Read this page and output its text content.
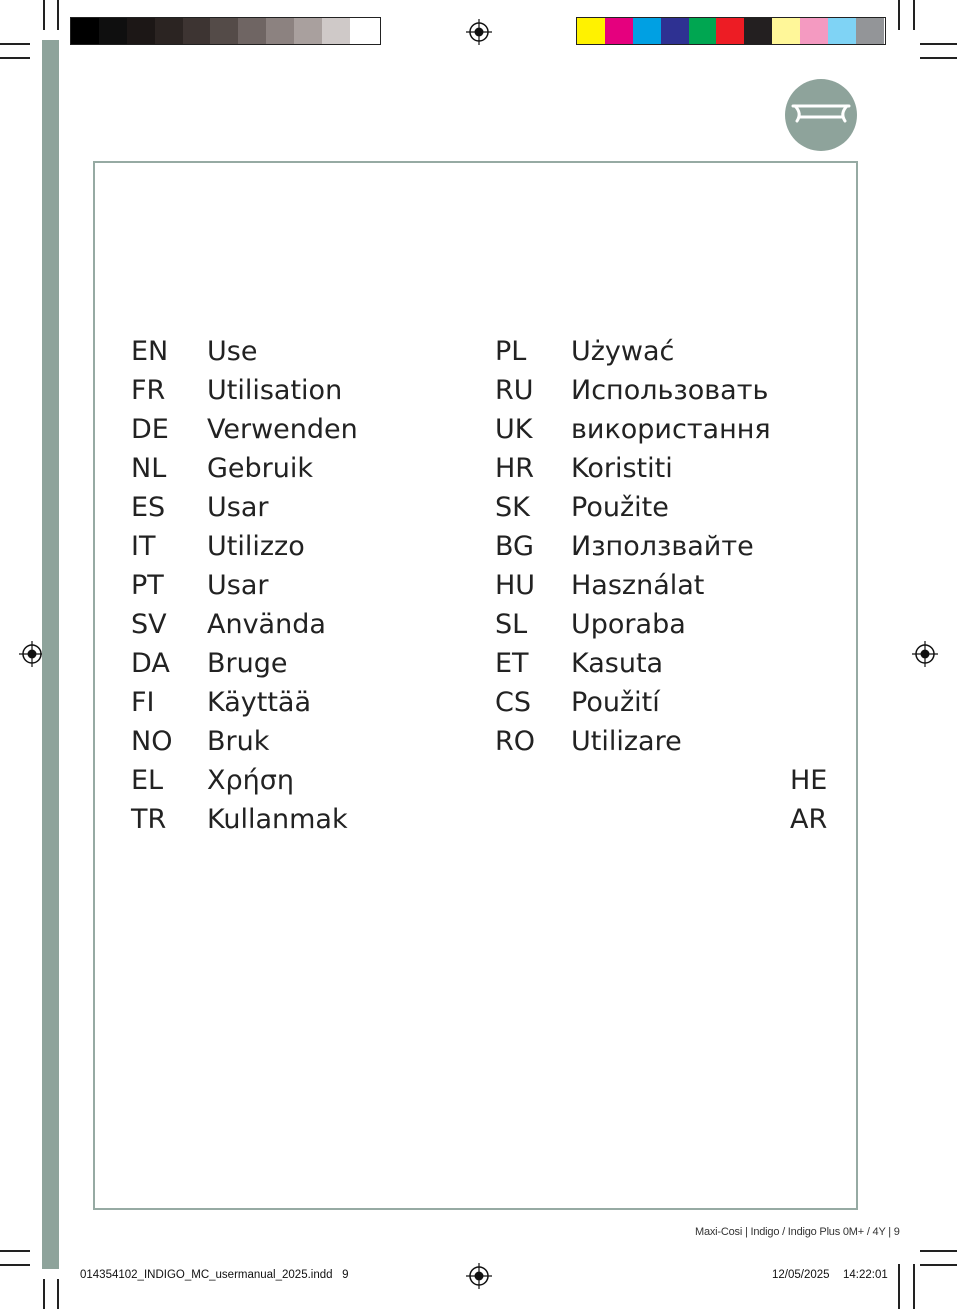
EN Use
FR Utilisation
DE Verwenden
NL Gebruik
ES Usar
IT Utilizzo
PT Usar
SV Använda
DA Bruge
FI Käyttää
NO Bruk
EL Χρήση
TR Kullanmak
PL Używać
RU Использовать
UK використання
HR Koristiti
SK Použite
BG Използвайте
HU Használat
SL Uporaba
ET Kasuta
CS Použití
RO Utilizare
HE
AR
Maxi-Cosi | Indigo / Indigo Plus 0M+ / 4Y | 9
014354102_INDIGO_MC_usermanual_2025.indd   9	12/05/2025 14:22:01
